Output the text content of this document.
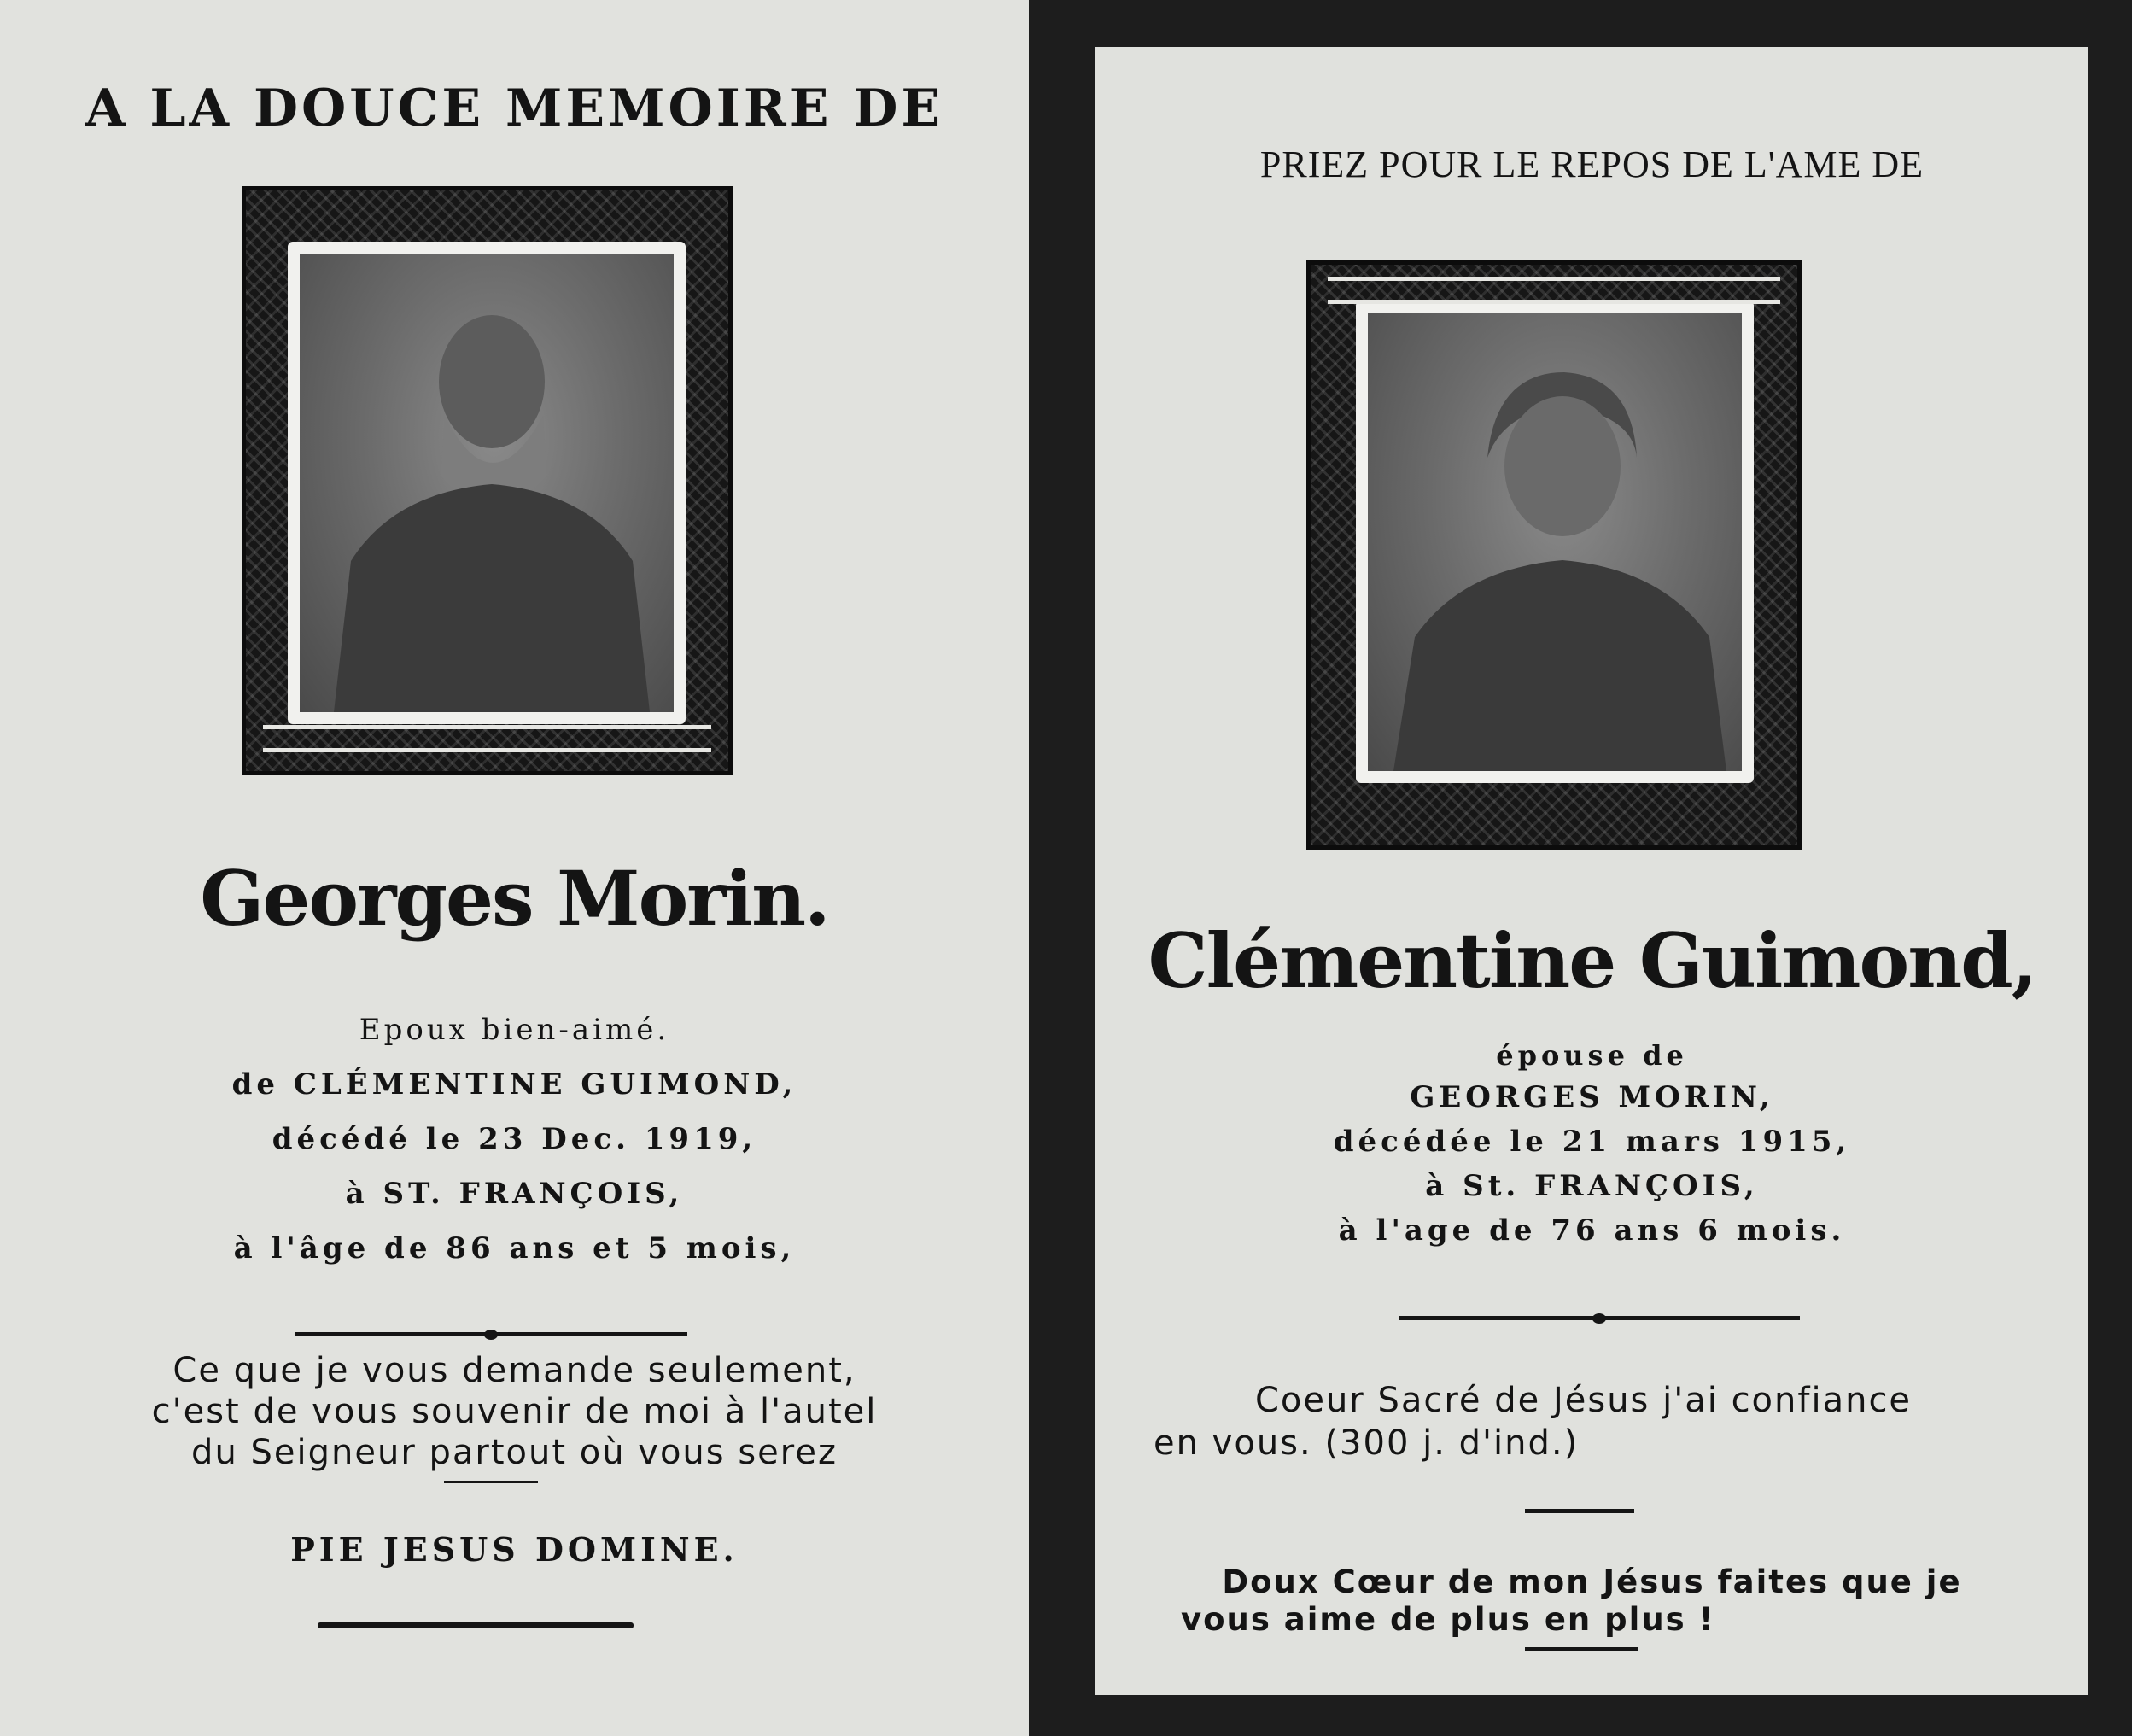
A LA DOUCE MEMOIRE DE

Georges Morin.

Epoux bien-aimé.

de CLÉMENTINE GUIMOND,

décédé le 23 Dec. 1919,

à ST. FRANÇOIS,

à l'âge de 86 ans et 5 mois,

Ce que je vous demande seulement,

c'est de vous souvenir de moi à l'autel

du Seigneur partout où vous serez

PIE JESUS DOMINE.

PRIEZ POUR LE REPOS DE L'AME DE

Clémentine Guimond,

épouse de

GEORGES MORIN,

décédée le 21 mars 1915,

à St. FRANÇOIS,

à l'age de 76 ans 6 mois.

Coeur Sacré de Jésus j'ai confiance

en vous. (300 j. d'ind.)

Doux Cœur de mon Jésus faites que je

vous aime de plus en plus !
